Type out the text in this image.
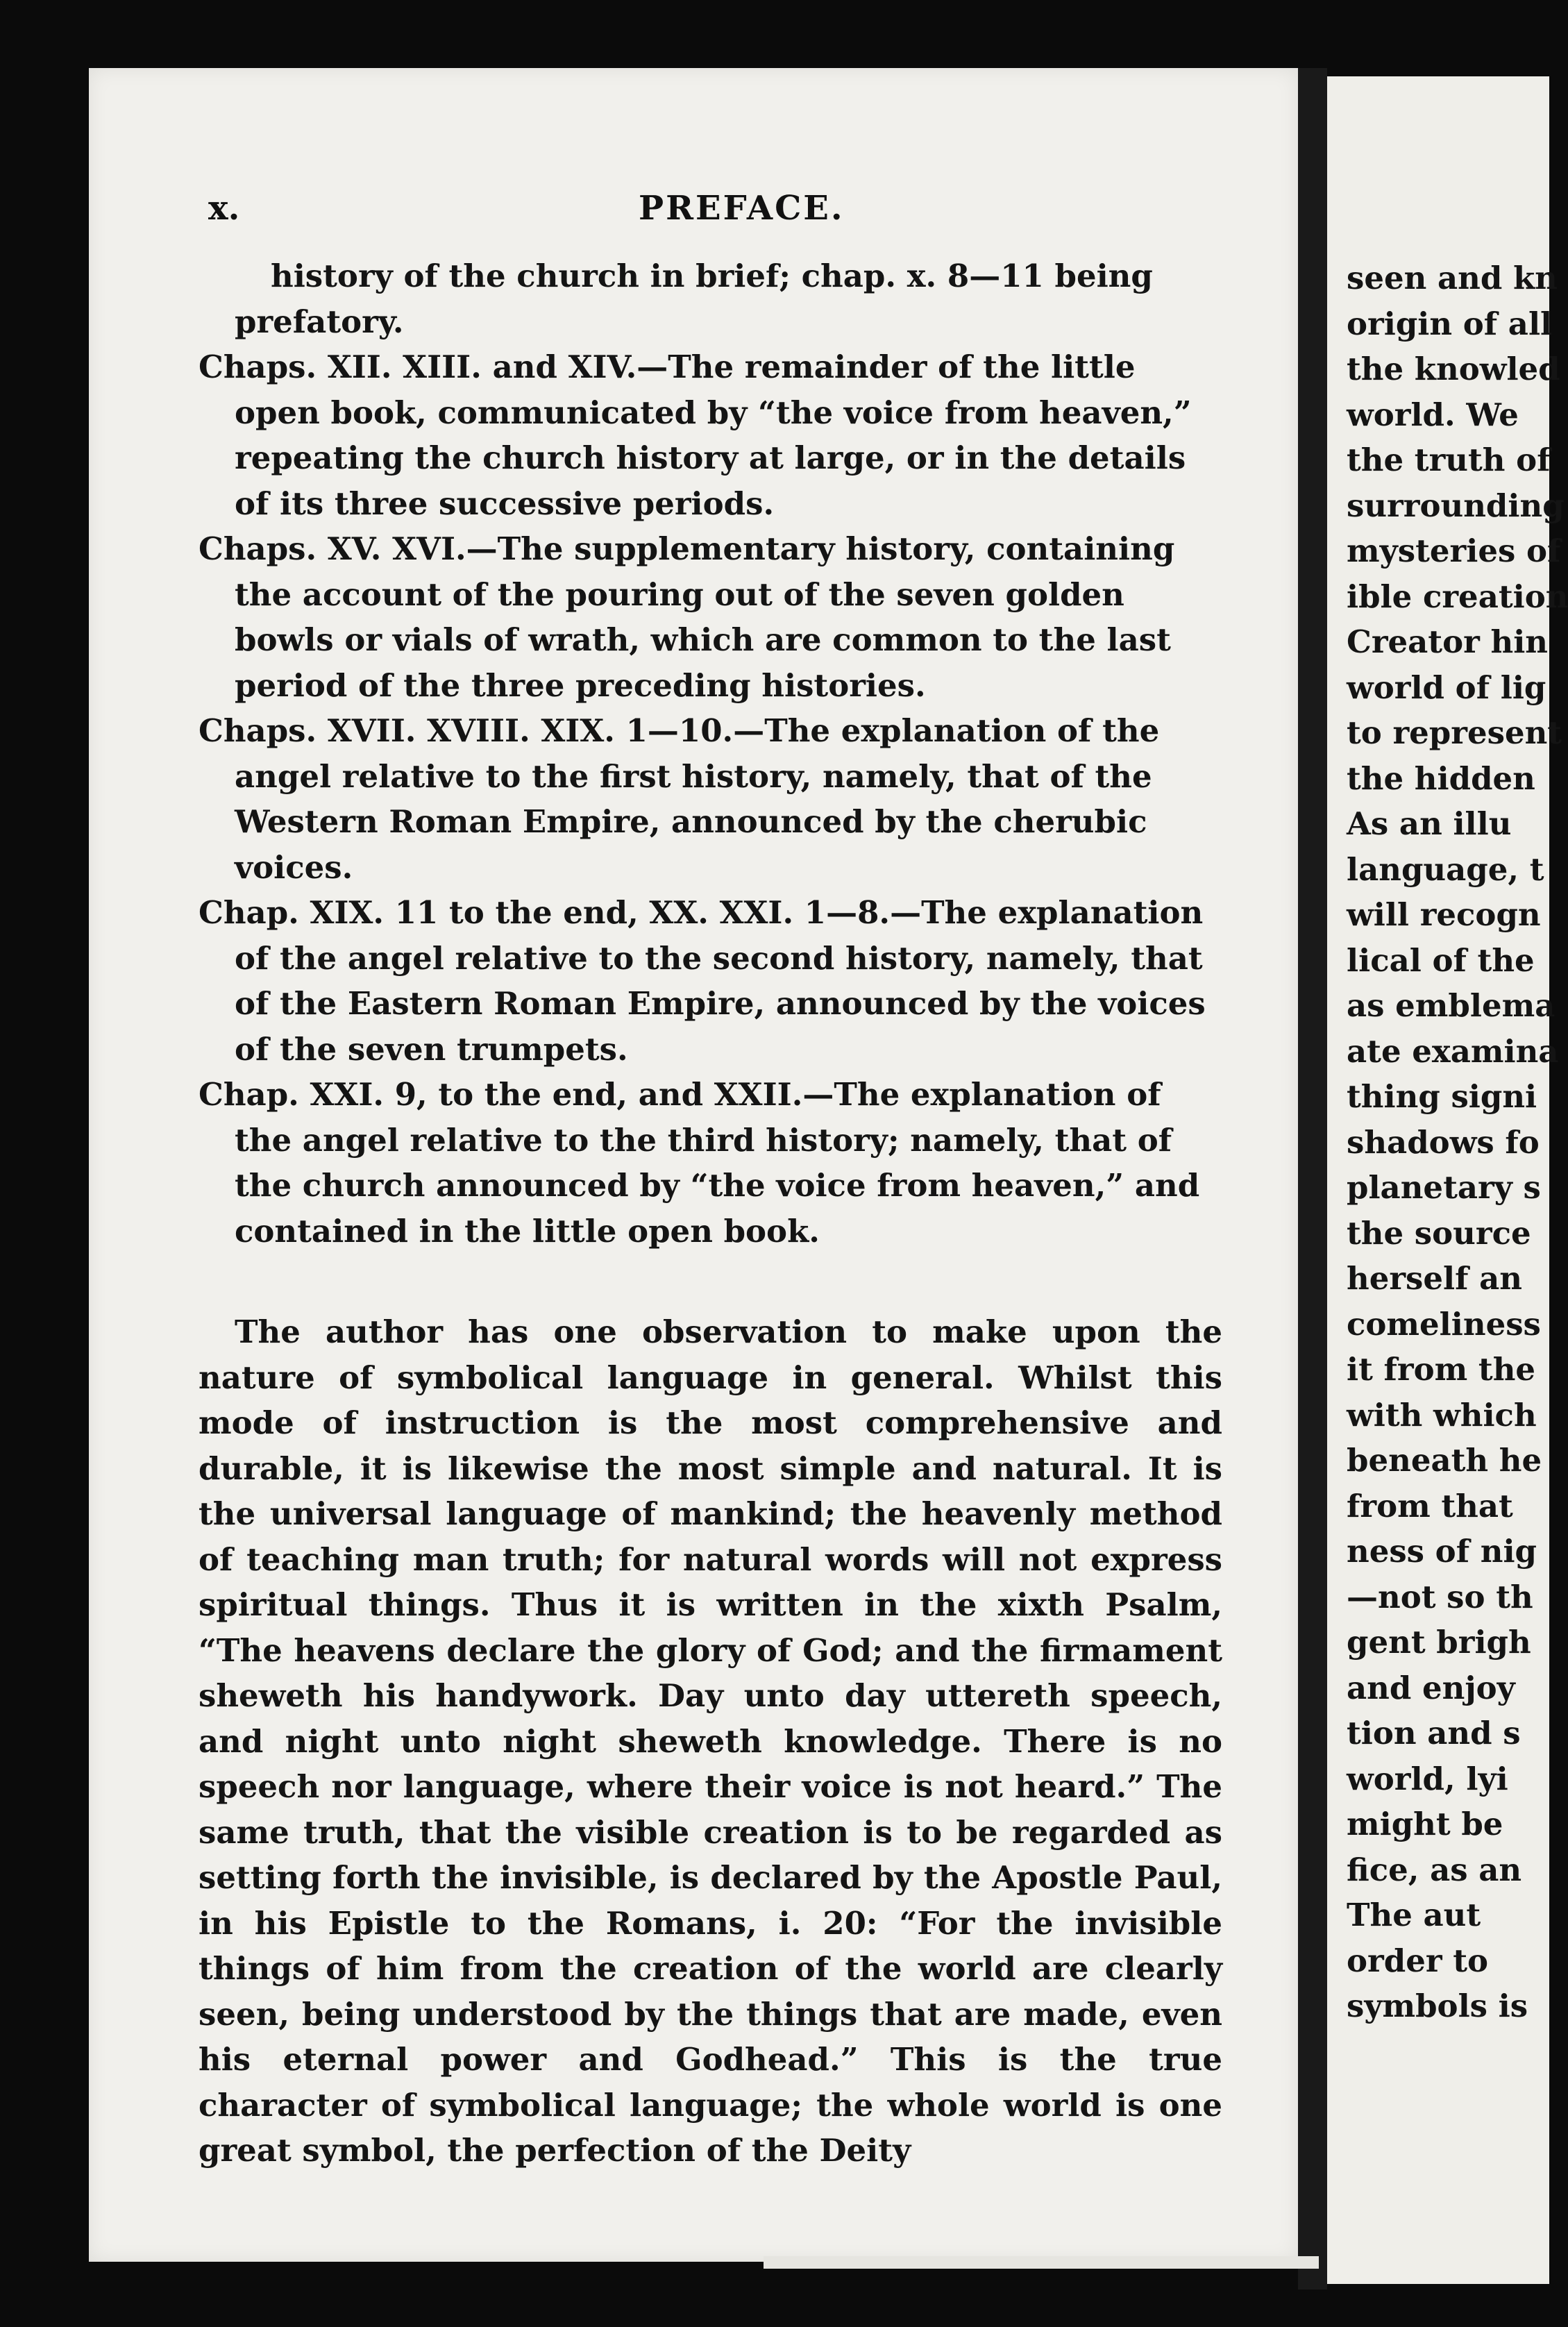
seen and kn
origin of all
the knowled
world. We
the truth of
surrounding
mysteries of
ible creation
Creator hin
world of lig
to represent
the hidden
As an illu
language, t
will recogn
lical of the
as emblema
ate examina
thing signi
shadows fo
planetary s
the source
herself an
comeliness
it from the
with which
beneath he
from that
ness of nig
—not so th
gent brigh
and enjoy
tion and s
world, lyi
might be
fice, as an
The aut
order to
symbols is
x.	PREFACE.

history of the church in brief; chap. x. 8—11 being prefatory.

Chaps. XII. XIII. and XIV.—The remainder of the little open book, communicated by “the voice from heaven,” repeating the church history at large, or in the details of its three successive periods.

Chaps. XV. XVI.—The supplementary history, containing the account of the pouring out of the seven golden bowls or vials of wrath, which are common to the last period of the three preceding histories.

Chaps. XVII. XVIII. XIX. 1—10.—The explanation of the angel relative to the first history, namely, that of the Western Roman Empire, announced by the cherubic voices.

Chap. XIX. 11 to the end, XX. XXI. 1—8.—The explanation of the angel relative to the second history, namely, that of the Eastern Roman Empire, announced by the voices of the seven trumpets.

Chap. XXI. 9, to the end, and XXII.—The explanation of the angel relative to the third history; namely, that of the church announced by “the voice from heaven,” and contained in the little open book.

The author has one observation to make upon the nature of symbolical language in general. Whilst this mode of instruction is the most comprehensive and durable, it is likewise the most simple and natural. It is the universal language of mankind; the heavenly method of teaching man truth; for natural words will not express spiritual things. Thus it is written in the xixth Psalm, “The heavens declare the glory of God; and the firmament sheweth his handywork. Day unto day uttereth speech, and night unto night sheweth knowledge. There is no speech nor language, where their voice is not heard.” The same truth, that the visible creation is to be regarded as setting forth the invisible, is declared by the Apostle Paul, in his Epistle to the Romans, i. 20: “For the invisible things of him from the creation of the world are clearly seen, being understood by the things that are made, even his eternal power and Godhead.” This is the true character of symbolical language; the whole world is one great symbol, the perfection of the Deity
